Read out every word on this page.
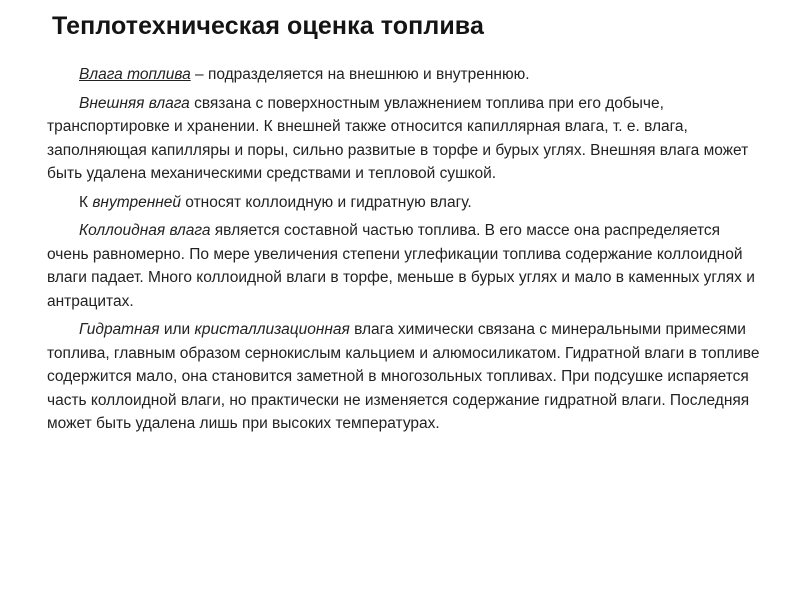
Теплотехническая оценка топлива

Влага топлива – подразделяется на внешнюю и внутреннюю.

Внешняя влага связана с поверхностным увлажнением топлива при его добыче, транспортировке и хранении. К внешней также относится капиллярная влага, т. е. влага, заполняющая капилляры и поры, сильно развитые в торфе и бурых углях. Внешняя влага может быть удалена механическими средствами и тепловой сушкой.

К внутренней относят коллоидную и гидратную влагу.

Коллоидная влага является составной частью топлива. В его массе она распределяется очень равномерно. По мере увеличения степени углефикации топлива содержание коллоидной влаги падает. Много коллоидной влаги в торфе, меньше в бурых углях и мало в каменных углях и антрацитах.

Гидратная или кристаллизационная влага химически связана с минеральными примесями топлива, главным образом сернокислым кальцием и алюмосиликатом. Гидратной влаги в топливе содержится мало, она становится заметной в многозольных топливах. При подсушке испаряется часть коллоидной влаги, но практически не изменяется содержание гидратной влаги. Последняя может быть удалена лишь при высоких температурах.
